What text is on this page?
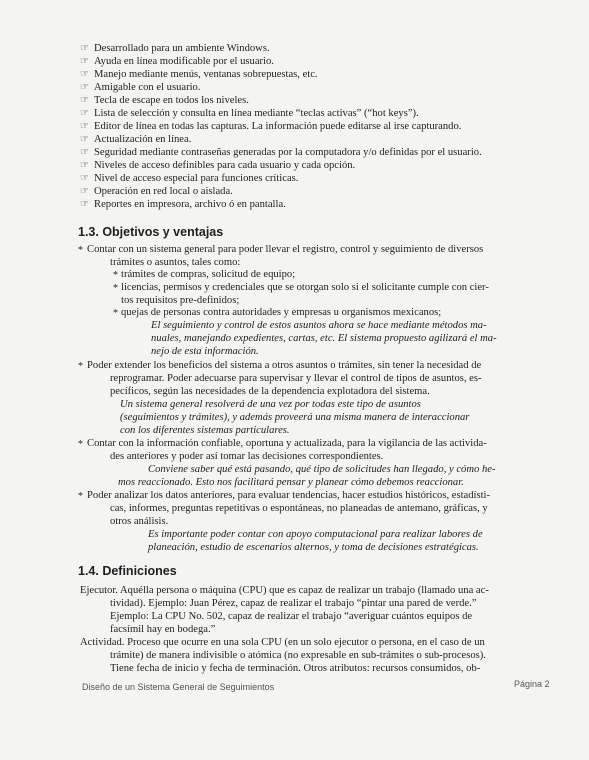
☞ Desarrollado para un ambiente Windows.
☞ Ayuda en línea modificable por el usuario.
☞ Manejo mediante menús, ventanas sobrepuestas, etc.
☞ Amigable con el usuario.
☞ Tecla de escape en todos los niveles.
☞ Lista de selección y consulta en línea mediante “teclas activas” (“hot keys”).
☞ Editor de línea en todas las capturas. La información puede editarse al irse capturando.
☞ Actualización en línea.
☞ Seguridad mediante contraseñas generadas por la computadora y/o definidas por el usuario.
☞ Niveles de acceso definibles para cada usuario y cada opción.
☞ Nivel de acceso especial para funciones críticas.
☞ Operación en red local o aislada.
☞ Reportes en impresora, archivo ó en pantalla.
1.3. Objetivos y ventajas
* Contar con un sistema general para poder llevar el registro, control y seguimiento de diversos
trámites o asuntos, tales como:
* trámites de compras, solicitud de equipo;
* licencias, permisos y credenciales que se otorgan solo si el solicitante cumple con cier-
tos requisitos pre-definidos;
* quejas de personas contra autoridades y empresas u organismos mexicanos;
El seguimiento y control de estos asuntos ahora se hace mediante métodos ma-
nuales, manejando expedientes, cartas, etc. El sistema propuesto agilizará el ma-
nejo de esta información.
* Poder extender los beneficios del sistema a otros asuntos o trámites, sin tener la necesidad de
reprogramar. Poder adecuarse para supervisar y llevar el control de tipos de asuntos, es-
pecíficos, según las necesidades de la dependencia explotadora del sistema.
Un sistema general resolverá de una vez por todas este tipo de asuntos
(seguimientos y trámites), y además proveerá una misma manera de interaccionar
con los diferentes sistemas particulares.
* Contar con la información confiable, oportuna y actualizada, para la vigilancia de las activida-
des anteriores y poder así tomar las decisiones correspondientes.
Conviene saber qué está pasando, qué tipo de solicitudes han llegado, y cómo he-
mos reaccionado. Esto nos facilitará pensar y planear cómo debemos reaccionar.
* Poder analizar los datos anteriores, para evaluar tendencias, hacer estudios históricos, estadísti-
cas, informes, preguntas repetitivas o espontáneas, no planeadas de antemano, gráficas, y
otros análisis.
Es importante poder contar con apoyo computacional para realizar labores de
planeación, estudio de escenarios alternos, y toma de decisiones estratégicas.
1.4. Definiciones
Ejecutor. Aquélla persona o máquina (CPU) que es capaz de realizar un trabajo (llamado una ac-
tividad). Ejemplo: Juan Pérez, capaz de realizar el trabajo “pintar una pared de verde.”
Ejemplo: La CPU No. 502, capaz de realizar el trabajo “averiguar cuántos equipos de
facsímil hay en bodega.”
Actividad. Proceso que ocurre en una sola CPU (en un solo ejecutor o persona, en el caso de un
trámite) de manera indivisible o atómica (no expresable en sub-trámites o sub-procesos).
Tiene fecha de inicio y fecha de terminación. Otros atributos: recursos consumidos, ob-
Diseño de un Sistema General de Seguimientos	Página 2
